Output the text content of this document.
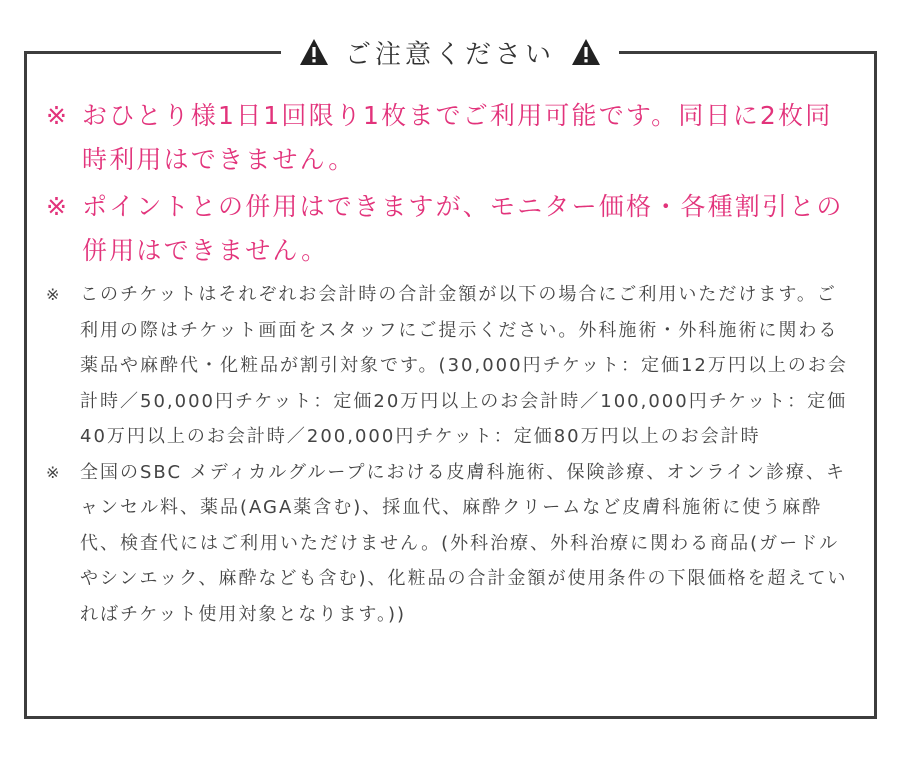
ご注意ください
※ おひとり様1日1回限り1枚までご利用可能です。同日に2枚同時利用はできません。
※ ポイントとの併用はできますが、モニター価格・各種割引との併用はできません。
※	このチケットはそれぞれお会計時の合計金額が以下の場合にご利用いただけます。ご利用の際はチケット画面をスタッフにご提示ください。外科施術・外科施術に関わる薬品や麻酔代・化粧品が割引対象です。(30,000円チケット：定価12万円以上のお会計時／50,000円チケット：定価20万円以上のお会計時／100,000円チケット：定価40万円以上のお会計時／200,000円チケット：定価80万円以上のお会計時
※	全国のSBC メディカルグループにおける皮膚科施術、保険診療、オンライン診療、キャンセル料、薬品(AGA薬含む)、採血代、麻酔クリームなど皮膚科施術に使う麻酔代、検査代にはご利用いただけません。(外科治療、外科治療に関わる商品(ガードルやシンエック、麻酔なども含む)、化粧品の合計金額が使用条件の下限価格を超えていればチケット使用対象となります。))
